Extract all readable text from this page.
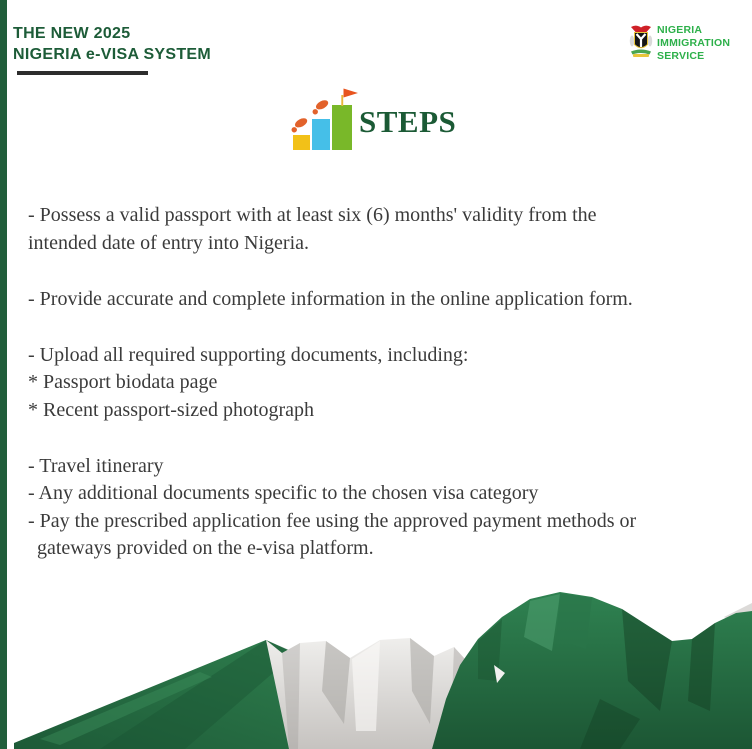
THE NEW 2025
NIGERIA e-VISA SYSTEM
NIGERIA
IMMIGRATION
SERVICE
STEPS
- Possess a valid passport with at least six (6) months' validity from the
intended date of entry into Nigeria.
- Provide accurate and complete information in the online application form.
- Upload all required supporting documents, including:
* Passport biodata page
* Recent passport-sized photograph
- Travel itinerary
- Any additional documents specific to the chosen visa category
- Pay the prescribed application fee using the approved payment methods or
gateways provided on the e-visa platform.
